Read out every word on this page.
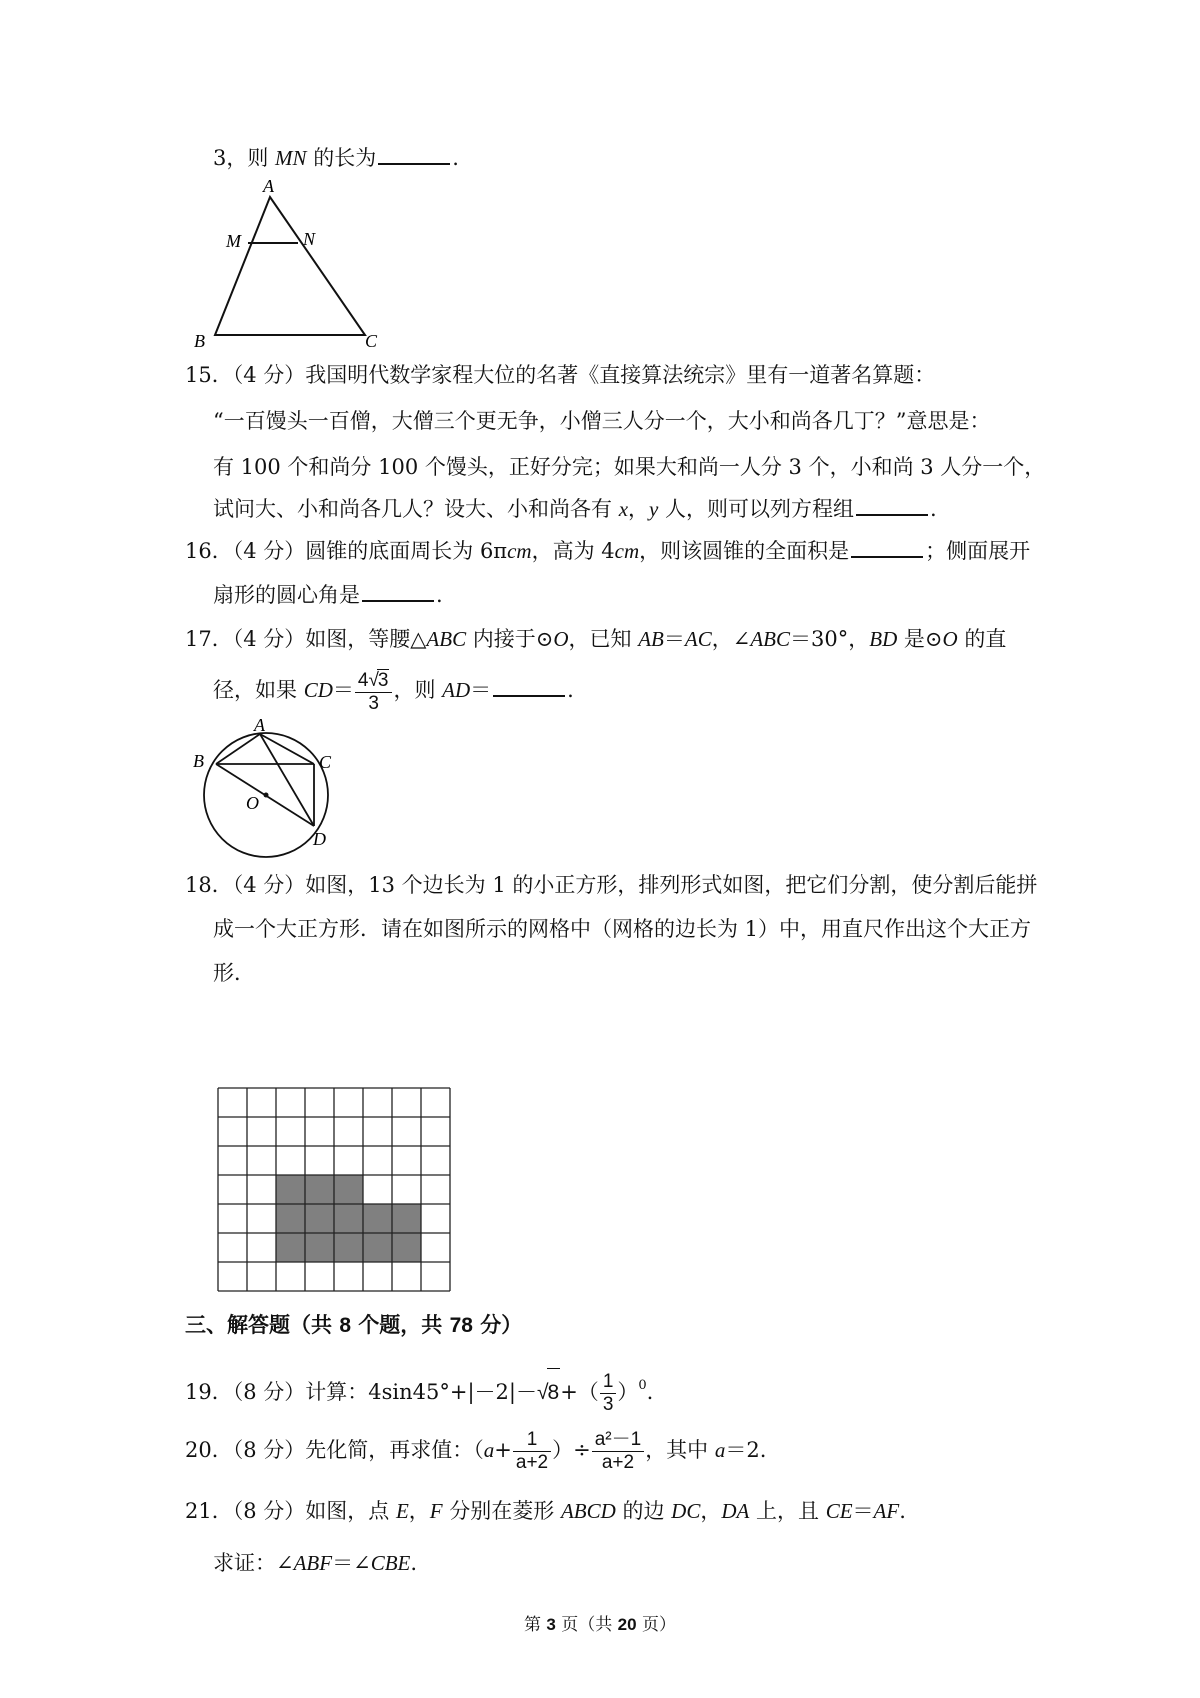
3，则 MN 的长为	.
A
M	N
B	C
15．（4 分）我国明代数学家程大位的名著《直接算法统宗》里有一道著名算题：
“一百馒头一百僧，大僧三个更无争，小僧三人分一个，大小和尚各几丁？”意思是：
有 100 个和尚分 100 个馒头，正好分完；如果大和尚一人分 3 个，小和尚 3 人分一个，
试问大、小和尚各几人？设大、小和尚各有 x，y 人，则可以列方程组	.
16．（4 分）圆锥的底面周长为 6πcm，高为 4cm，则该圆锥的全面积是	；侧面展开
扇形的圆心角是	.
17．（4 分）如图，等腰△ABC 内接于⊙O，已知 AB＝AC，∠ABC＝30°，BD 是⊙O 的直
径，如果 $CD= \frac{4√3}{3}$ ，则 AD＝	.
A
B	C
O
D
18．（4 分）如图，13 个边长为 1 的小正方形，排列形式如图，把它们分割，使分割后能拼
成一个大正方形．请在如图所示的网格中（网格的边长为 1）中，用直尺作出这个大正方
形．
三、解答题（共 8 个题，共 78 分）
19．（8 分）计算：$4\sin 45^\circ+|-2|-√8+( \frac{1}{3} )^0$.
20．（8 分）先化简，再求值：（$a+ \frac{1}{a+2}$ ）÷ $\frac{\text{a²－1}}{a+2}$ ，其中 a＝2.
21．（8 分）如图，点 E，F 分别在菱形 ABCD 的边 DC，DA 上，且 CE＝AF.
求证：∠ABF＝∠CBE.
第 3 页（共 20 页）
